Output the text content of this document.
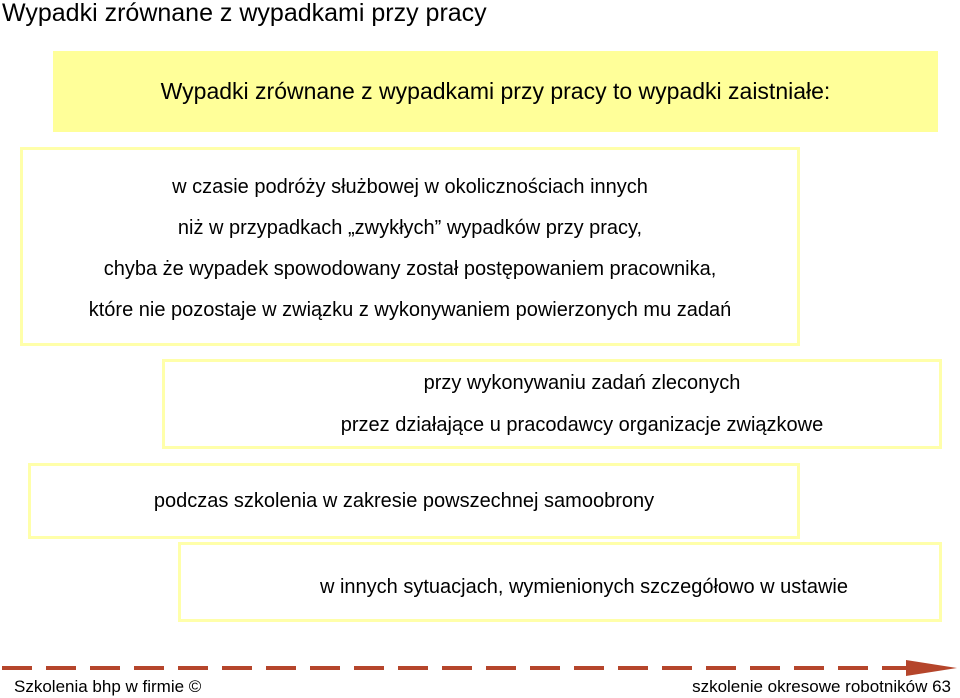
Wypadki zrównane z wypadkami przy pracy
Wypadki zrównane z wypadkami przy pracy to wypadki zaistniałe:
w czasie podróży służbowej w okolicznościach innych
niż w przypadkach „zwykłych” wypadków przy pracy,
chyba że wypadek spowodowany został postępowaniem pracownika,
które nie pozostaje w związku z wykonywaniem powierzonych mu zadań
przy wykonywaniu zadań zleconych
przez działające u pracodawcy organizacje związkowe
podczas szkolenia w zakresie powszechnej samoobrony
w innych sytuacjach, wymienionych szczegółowo w ustawie
Szkolenia bhp w firmie ©	szkolenie okresowe robotników 63
